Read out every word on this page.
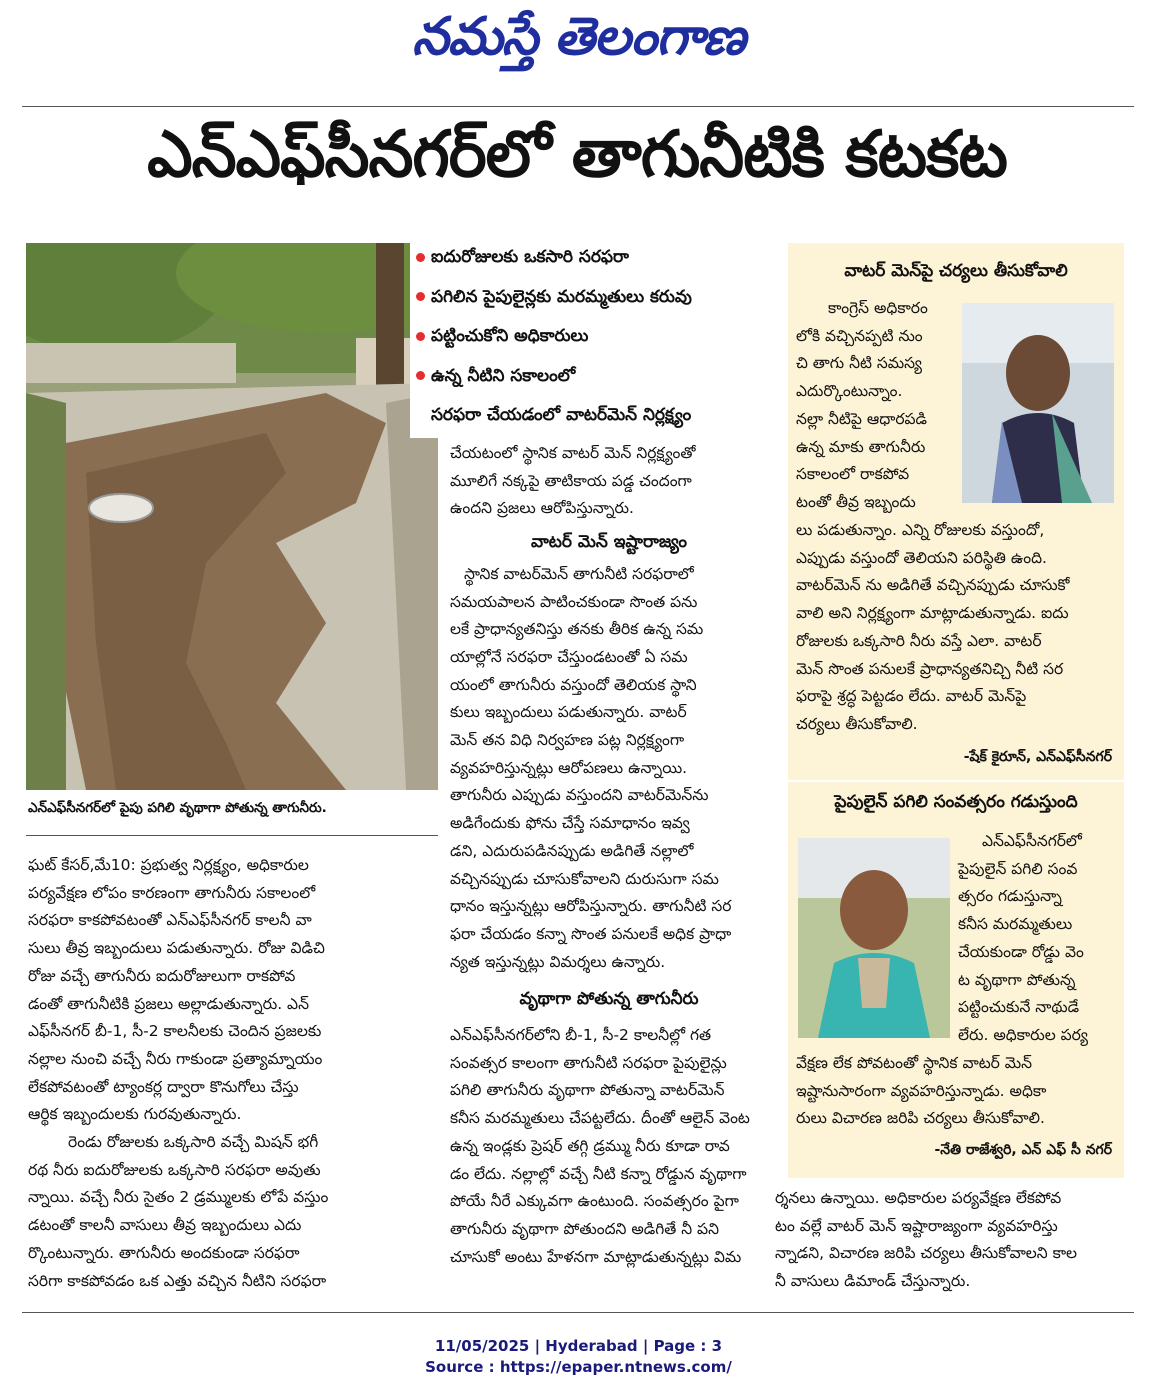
నమస్తే తెలంగాణ
ఎన్ఎఫ్‌సీనగర్‌లో తాగునీటికి కటకట
ఎన్ఎఫ్‌సీనగర్‌లో పైపు పగిలి వృథాగా పోతున్న తాగునీరు.
ఐదురోజులకు ఒకసారి సరఫరా
పగిలిన పైపులైన్లకు మరమ్మతులు కరువు
పట్టించుకోని అధికారులు
ఉన్న నీటిని సకాలంలో
సరఫరా చేయడంలో వాటర్‌మెన్ నిర్లక్ష్యం

ఘట్ కేసర్,మే10: ప్రభుత్వ నిర్లక్ష్యం, అధికారుల

పర్యవేక్షణ లోపం కారణంగా తాగునీరు సకాలంలో

సరఫరా కాకపోవటంతో ఎన్ఎఫ్‌సీనగర్ కాలనీ వా

సులు తీవ్ర ఇబ్బందులు పడుతున్నారు. రోజు విడిచి

రోజు వచ్చే తాగునీరు ఐదురోజులుగా రాకపోవ

డంతో తాగునీటికి ప్రజలు అల్లాడుతున్నారు. ఎన్

ఎఫ్‌సీనగర్ బీ-1, సీ-2 కాలనీలకు చెందిన ప్రజలకు

నల్లాల నుంచి వచ్చే నీరు గాకుండా ప్రత్యామ్నాయం

లేకపోవటంతో ట్యాంకర్ల ద్వారా కొనుగోలు చేస్తు

ఆర్థిక ఇబ్బందులకు గురవుతున్నారు.

రెండు రోజులకు ఒక్కసారి వచ్చే మిషన్ భగీ

రథ నీరు ఐదురోజులకు ఒక్కసారి సరఫరా అవుతు

న్నాయి. వచ్చే నీరు సైతం 2 డ్రమ్ములకు లోపే వస్తుం

డటంతో కాలనీ వాసులు తీవ్ర ఇబ్బందులు ఎదు

ర్కొంటున్నారు. తాగునీరు అందకుండా సరఫరా

సరిగా కాకపోవడం ఒక ఎత్తు వచ్చిన నీటిని సరఫరా

చేయటంలో స్థానిక వాటర్ మెన్ నిర్లక్ష్యంతో

మూలిగే నక్కపై తాటికాయ పడ్డ చందంగా

ఉందని ప్రజలు ఆరోపిస్తున్నారు.

వాటర్ మెన్ ఇష్టారాజ్యం

స్థానిక వాటర్‌మెన్ తాగునీటి సరఫరాలో

సమయపాలన పాటించకుండా సొంత పను

లకే ప్రాధాన్యతనిస్తు తనకు తీరిక ఉన్న సమ

యాల్లోనే సరఫరా చేస్తుండటంతో ఏ సమ

యంలో తాగునీరు వస్తుందో తెలియక స్థాని

కులు ఇబ్బందులు పడుతున్నారు. వాటర్

మెన్ తన విధి నిర్వహణ పట్ల నిర్లక్ష్యంగా

వ్యవహరిస్తున్నట్లు ఆరోపణలు ఉన్నాయి.

తాగునీరు ఎప్పుడు వస్తుందని వాటర్‌మెన్‌ను

అడిగేందుకు ఫోను చేస్తే సమాధానం ఇవ్వ

డని, ఎదురుపడినప్పుడు అడిగితే నల్లాలో

వచ్చినప్పుడు చూసుకోవాలని దురుసుగా సమ

ధానం ఇస్తున్నట్లు ఆరోపిస్తున్నారు. తాగునీటి సర

ఫరా చేయడం కన్నా సొంత పనులకే అధిక ప్రాధా

న్యత ఇస్తున్నట్లు విమర్శలు ఉన్నారు.

వృథాగా పోతున్న తాగునీరు

ఎన్ఎఫ్‌సీనగర్‌లోని బీ-1, సీ-2 కాలనీల్లో గత

సంవత్సర కాలంగా తాగునీటి సరఫరా పైపులైన్లు

పగిలి తాగునీరు వృథాగా పోతున్నా వాటర్‌మెన్

కనీస మరమ్మతులు చేపట్టలేదు. దీంతో ఆలైన్ వెంట

ఉన్న ఇండ్లకు ప్రెషర్ తగ్గి డ్రమ్ము నీరు కూడా రావ

డం లేదు. నల్లాల్లో వచ్చే నీటి కన్నా రోడ్డున వృథాగా

పోయే నీరే ఎక్కువగా ఉంటుంది. సంవత్సరం పైగా

తాగునీరు వృథాగా పోతుందని అడిగితే నీ పని

చూసుకో అంటు హేళనగా మాట్లాడుతున్నట్లు విమ

వాటర్ మెన్‌పై చర్యలు తీసుకోవాలి
కాంగ్రెస్ అధికారం
లోకి వచ్చినప్పటి నుం
చి తాగు నీటి సమస్య
ఎదుర్కొంటున్నాం.
నల్లా నీటిపై ఆధారపడి
ఉన్న మాకు తాగునీరు
సకాలంలో రాకపోవ
టంతో తీవ్ర ఇబ్బందు
లు పడుతున్నాం. ఎన్ని రోజులకు వస్తుందో,
ఎప్పుడు వస్తుందో తెలియని పరిస్థితి ఉంది.
వాటర్‌మెన్ ను అడిగితే వచ్చినప్పుడు చూసుకో
వాలి అని నిర్లక్ష్యంగా మాట్లాడుతున్నాడు. ఐదు
రోజులకు ఒక్కసారి నీరు వస్తే ఎలా. వాటర్
మెన్ సొంత పనులకే ప్రాధాన్యతనిచ్చి నీటి సర
ఫరాపై శ్రద్ధ పెట్టడం లేదు. వాటర్ మెన్‌పై
చర్యలు తీసుకోవాలి.
-షేక్ కైరూన్, ఎన్ఎఫ్‌సీనగర్
పైపులైన్ పగిలి సంవత్సరం గడుస్తుంది
ఎన్ఎఫ్‌సీనగర్‌లో
పైపులైన్ పగిలి సంవ
త్సరం గడుస్తున్నా
కనీస మరమ్మతులు
చేయకుండా రోడ్డు వెం
ట వృథాగా పోతున్న
పట్టించుకునే నాథుడే
లేరు. అధికారుల పర్య
వేక్షణ లేక పోవటంతో స్థానిక వాటర్ మెన్
ఇష్టానుసారంగా వ్యవహరిస్తున్నాడు. అధికా
రులు విచారణ జరిపి చర్యలు తీసుకోవాలి.
-నేతి రాజేశ్వరి, ఎన్ ఎఫ్ సీ నగర్

ర్శనలు ఉన్నాయి. అధికారుల పర్యవేక్షణ లేకపోవ

టం వల్లే వాటర్ మెన్ ఇష్టారాజ్యంగా వ్యవహరిస్తు

న్నాడని, విచారణ జరిపి చర్యలు తీసుకోవాలని కాల

నీ వాసులు డిమాండ్ చేస్తున్నారు.

11/05/2025 | Hyderabad | Page : 3
Source : https://epaper.ntnews.com/
